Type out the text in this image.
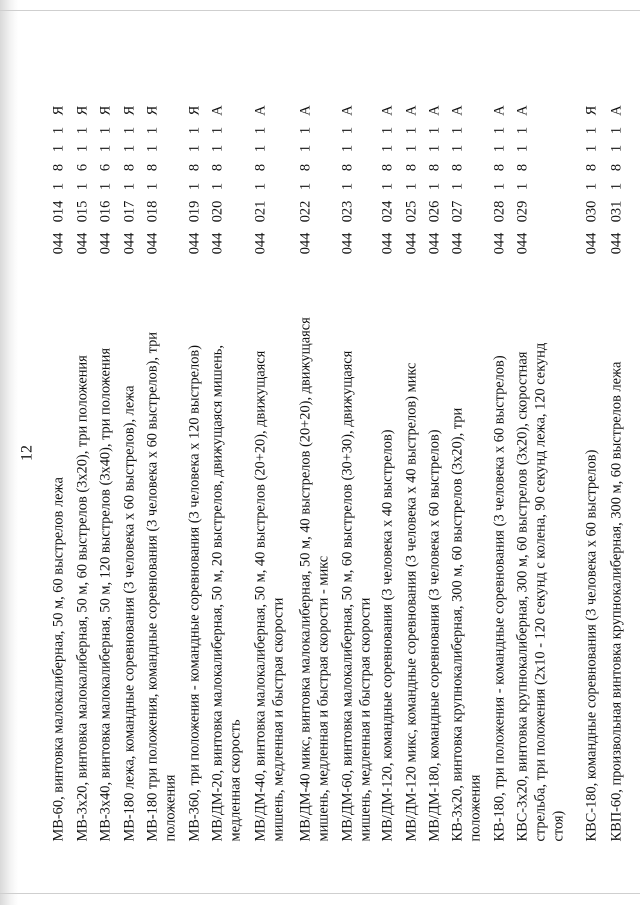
12
МВ-60, винтовка малокалиберная, 50 м, 60 выстрелов лежа
0440141811Я
МВ-3х20, винтовка малокалиберная, 50 м, 60 выстрелов (3х20), три положения
0440151611Я
МВ-3х40, винтовка малокалиберная, 50 м, 120 выстрелов (3х40), три положения
0440161611Я
МВ-180 лежа, командные соревнования (3 человека х 60 выстрелов), лежа
0440171811Я
МВ-180 три положения, командные соревнования (3 человека х 60 выстрелов), три положения
0440181811Я
МВ-360, три положения - командные соревнования (3 человека х 120 выстрелов)
0440191811Я
МВ/ДМ-20, винтовка малокалиберная, 50 м, 20 выстрелов, движущаяся мишень, медленная скорость
0440201811А
МВ/ДМ-40, винтовка малокалиберная, 50 м, 40 выстрелов (20+20), движущаяся мишень, медленная и быстрая скорости
0440211811А
МВ/ДМ-40 микс, винтовка малокалиберная, 50 м, 40 выстрелов (20+20), движущаяся мишень, медленная и быстрая скорости - микс
0440221811А
МВ/ДМ-60, винтовка малокалиберная, 50 м, 60 выстрелов (30+30), движущаяся мишень, медленная и быстрая скорости
0440231811А
МВ/ДМ-120, командные соревнования (3 человека х 40 выстрелов)
0440241811А
МВ/ДМ-120 микс, командные соревнования (3 человека х 40 выстрелов) микс
0440251811А
МВ/ДМ-180, командные соревнования (3 человека х 60 выстрелов)
0440261811А
КВ-3х20, винтовка крупнокалиберная, 300 м, 60 выстрелов (3х20), три положения
0440271811А
КВ-180, три положения - командные соревнования (3 человека х 60 выстрелов)
0440281811А
КВС-3х20, винтовка крупнокалиберная, 300 м, 60 выстрелов (3х20), скоростная стрельба, три положения (2х10 - 120 секунд с колена, 90 секунд лежа, 120 секунд стоя)
0440291811А
КВС-180, командные соревнования (3 человека х 60 выстрелов)
0440301811Я
КВП-60, произвольная винтовка крупнокалиберная, 300 м, 60 выстрелов лежа
0440311811А
